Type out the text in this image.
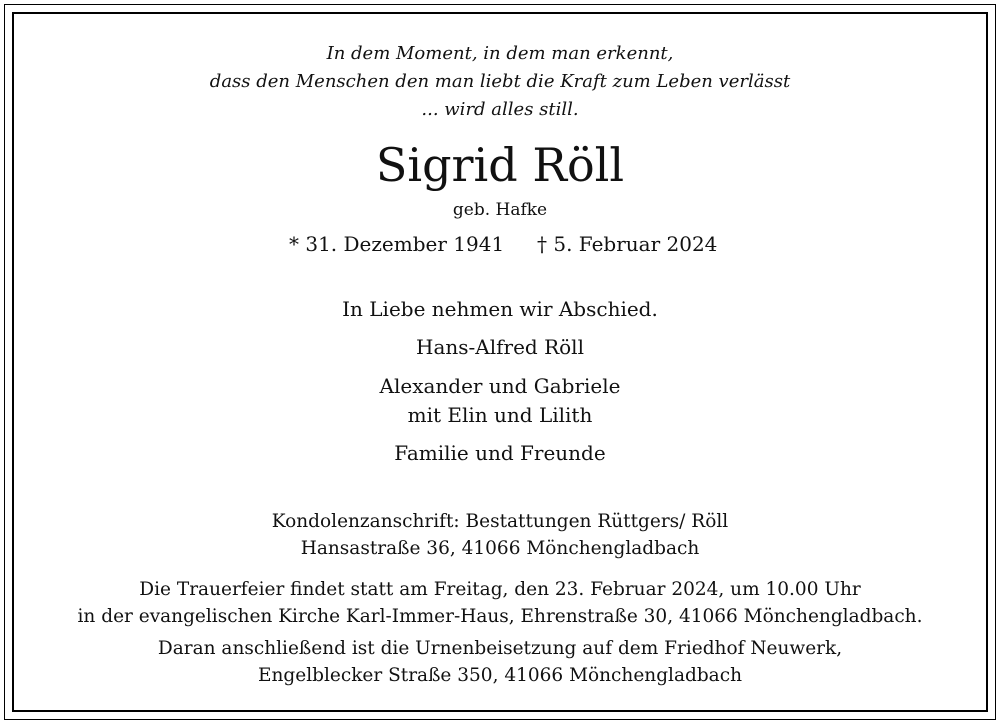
In dem Moment, in dem man erkennt,
dass den Menschen den man liebt die Kraft zum Leben verlässt
... wird alles still.
Sigrid Röll
geb. Hafke
* 31. Dezember 1941 † 5. Februar 2024
In Liebe nehmen wir Abschied.
Hans-Alfred Röll
Alexander und Gabriele
mit Elin und Lilith
Familie und Freunde
Kondolenzanschrift: Bestattungen Rüttgers/ Röll
Hansastraße 36, 41066 Mönchengladbach
Die Trauerfeier findet statt am Freitag, den 23. Februar 2024, um 10.00 Uhr
in der evangelischen Kirche Karl-Immer-Haus, Ehrenstraße 30, 41066 Mönchengladbach.
Daran anschließend ist die Urnenbeisetzung auf dem Friedhof Neuwerk,
Engelblecker Straße 350, 41066 Mönchengladbach
